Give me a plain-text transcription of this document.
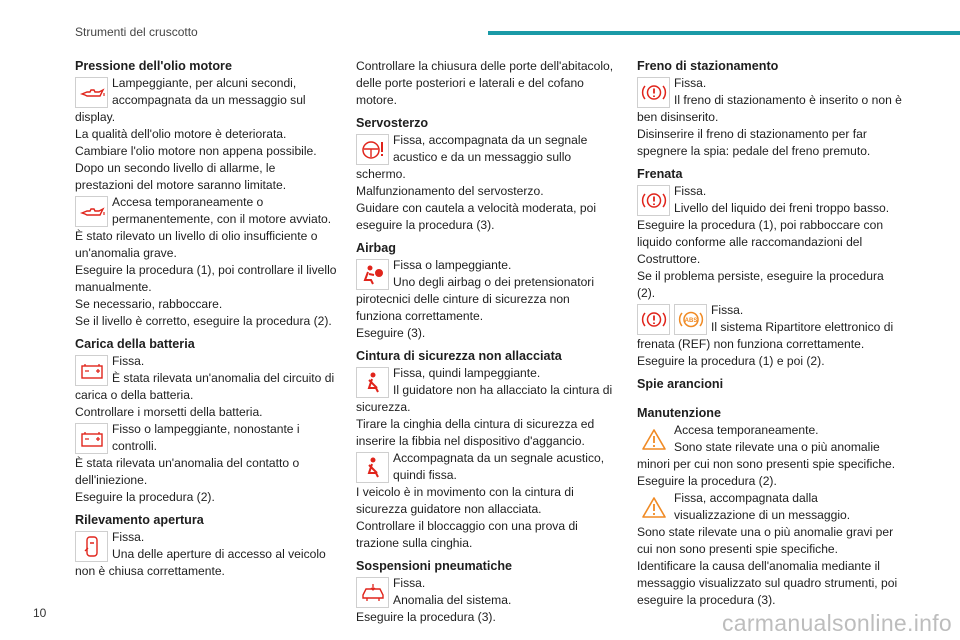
Strumenti del cruscotto
Pressione dell'olio motore

Lampeggiante, per alcuni secondi, accompagnata da un messaggio sul display.

La qualità dell'olio motore è deteriorata.

Cambiare l'olio motore non appena possibile.

Dopo un secondo livello di allarme, le prestazioni del motore saranno limitate.

Accesa temporaneamente o permanentemente, con il motore avviato.

È stato rilevato un livello di olio insufficiente o un'anomalia grave.

Eseguire la procedura (1), poi controllare il livello manualmente.

Se necessario, rabboccare.

Se il livello è corretto, eseguire la procedura (2).

Carica della batteria

Fissa.
È stata rilevata un'anomalia del circuito di carica o della batteria.

Controllare i morsetti della batteria.

Fisso o lampeggiante, nonostante i controlli.

È stata rilevata un'anomalia del contatto o dell'iniezione.

Eseguire la procedura (2).

Rilevamento apertura

Fissa.
Una delle aperture di accesso al veicolo non è chiusa correttamente.

Controllare la chiusura delle porte dell'abitacolo, delle porte posteriori e laterali e del cofano motore.

Servosterzo

Fissa, accompagnata da un segnale acustico e da un messaggio sullo schermo.

Malfunzionamento del servosterzo.

Guidare con cautela a velocità moderata, poi eseguire la procedura (3).

Airbag

Fissa o lampeggiante.
Uno degli airbag o dei pretensionatori pirotecnici delle cinture di sicurezza non funziona correttamente.

Eseguire (3).

Cintura di sicurezza non allacciata

Fissa, quindi lampeggiante.
Il guidatore non ha allacciato la cintura di sicurezza.

Tirare la cinghia della cintura di sicurezza ed inserire la fibbia nel dispositivo d'aggancio.

Accompagnata da un segnale acustico, quindi fissa.

I veicolo è in movimento con la cintura di sicurezza guidatore non allacciata.

Controllare il bloccaggio con una prova di trazione sulla cinghia.

Sospensioni pneumatiche

Fissa.
Anomalia del sistema.

Eseguire la procedura (3).

Freno di stazionamento

Fissa.
Il freno di stazionamento è inserito o non è ben disinserito.

Disinserire il freno di stazionamento per far spegnere la spia: pedale del freno premuto.

Frenata

Fissa.
Livello del liquido dei freni troppo basso.

Eseguire la procedura (1), poi rabboccare con liquido conforme alle raccomandazioni del Costruttore.

Se il problema persiste, eseguire la procedura (2).

ABS

Fissa.
Il sistema Ripartitore elettronico di frenata (REF) non funziona correttamente.

Eseguire la procedura (1) e poi (2).

Spie arancioni
Manutenzione

Accesa temporaneamente.
Sono state rilevate una o più anomalie minori per cui non sono presenti spie specifiche.

Eseguire la procedura (2).

Fissa, accompagnata dalla visualizzazione di un messaggio.

Sono state rilevate una o più anomalie gravi per cui non sono presenti spie specifiche.

Identificare la causa dell'anomalia mediante il messaggio visualizzato sul quadro strumenti, poi eseguire la procedura (3).

10	carmanualsonline.info
